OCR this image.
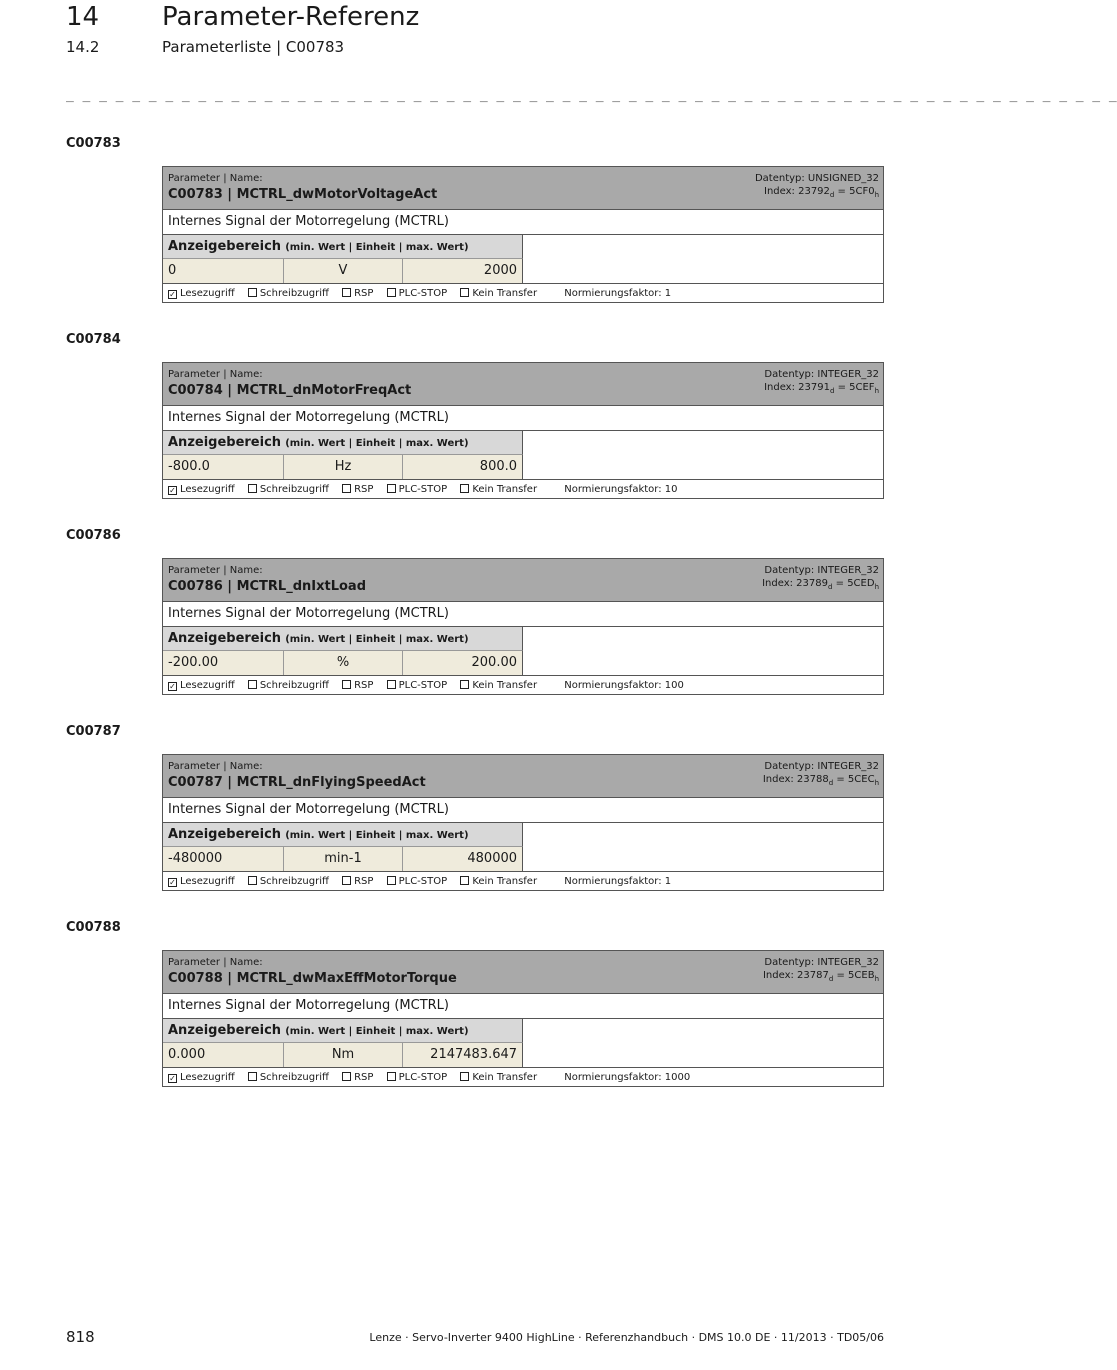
14 Parameter-Referenz
14.2	Parameterliste | C00783
_ _ _ _ _ _ _ _ _ _ _ _ _ _ _ _ _ _ _ _ _ _ _ _ _ _ _ _ _ _ _ _ _ _ _ _ _ _ _ _ _ _ _ _ _ _ _ _ _ _ _ _ _ _ _ _ _ _ _ _ _ _ _ _
C00783
Parameter | Name:
C00783 | MCTRL_dwMotorVoltageAct
Datentyp: UNSIGNED_32
Index: $23792_d = 5CF0_h$
Internes Signal der Motorregelung (MCTRL)
Anzeigebereich (min. Wert | Einheit | max. Wert)
0	V	2000
✓ Lesezugriff	Schreibzugriff	RSP	PLC-STOP	Kein Transfer	Normierungsfaktor: 1
C00784
Parameter | Name:
C00784 | MCTRL_dnMotorFreqAct
Datentyp: INTEGER_32
Index: $23791_d = 5CEF_h$
Internes Signal der Motorregelung (MCTRL)
Anzeigebereich (min. Wert | Einheit | max. Wert)
-800.0	Hz	800.0
✓ Lesezugriff	Schreibzugriff	RSP	PLC-STOP	Kein Transfer	Normierungsfaktor: 10
C00786
Parameter | Name:
C00786 | MCTRL_dnIxtLoad
Datentyp: INTEGER_32
Index: $23789_d = 5CED_h$
Internes Signal der Motorregelung (MCTRL)
Anzeigebereich (min. Wert | Einheit | max. Wert)
-200.00	%	200.00
✓ Lesezugriff	Schreibzugriff	RSP	PLC-STOP	Kein Transfer	Normierungsfaktor: 100
C00787
Parameter | Name:
C00787 | MCTRL_dnFlyingSpeedAct
Datentyp: INTEGER_32
Index: $23788_d = 5CEC_h$
Internes Signal der Motorregelung (MCTRL)
Anzeigebereich (min. Wert | Einheit | max. Wert)
-480000	min-1	480000
✓ Lesezugriff	Schreibzugriff	RSP	PLC-STOP	Kein Transfer	Normierungsfaktor: 1
C00788
Parameter | Name:
C00788 | MCTRL_dwMaxEffMotorTorque
Datentyp: INTEGER_32
Index: $23787_d = 5CEB_h$
Internes Signal der Motorregelung (MCTRL)
Anzeigebereich (min. Wert | Einheit | max. Wert)
0.000	Nm	2147483.647
✓ Lesezugriff	Schreibzugriff	RSP	PLC-STOP	Kein Transfer	Normierungsfaktor: 1000
818	Lenze · Servo-Inverter 9400 HighLine · Referenzhandbuch · DMS 10.0 DE · 11/2013 · TD05/06
